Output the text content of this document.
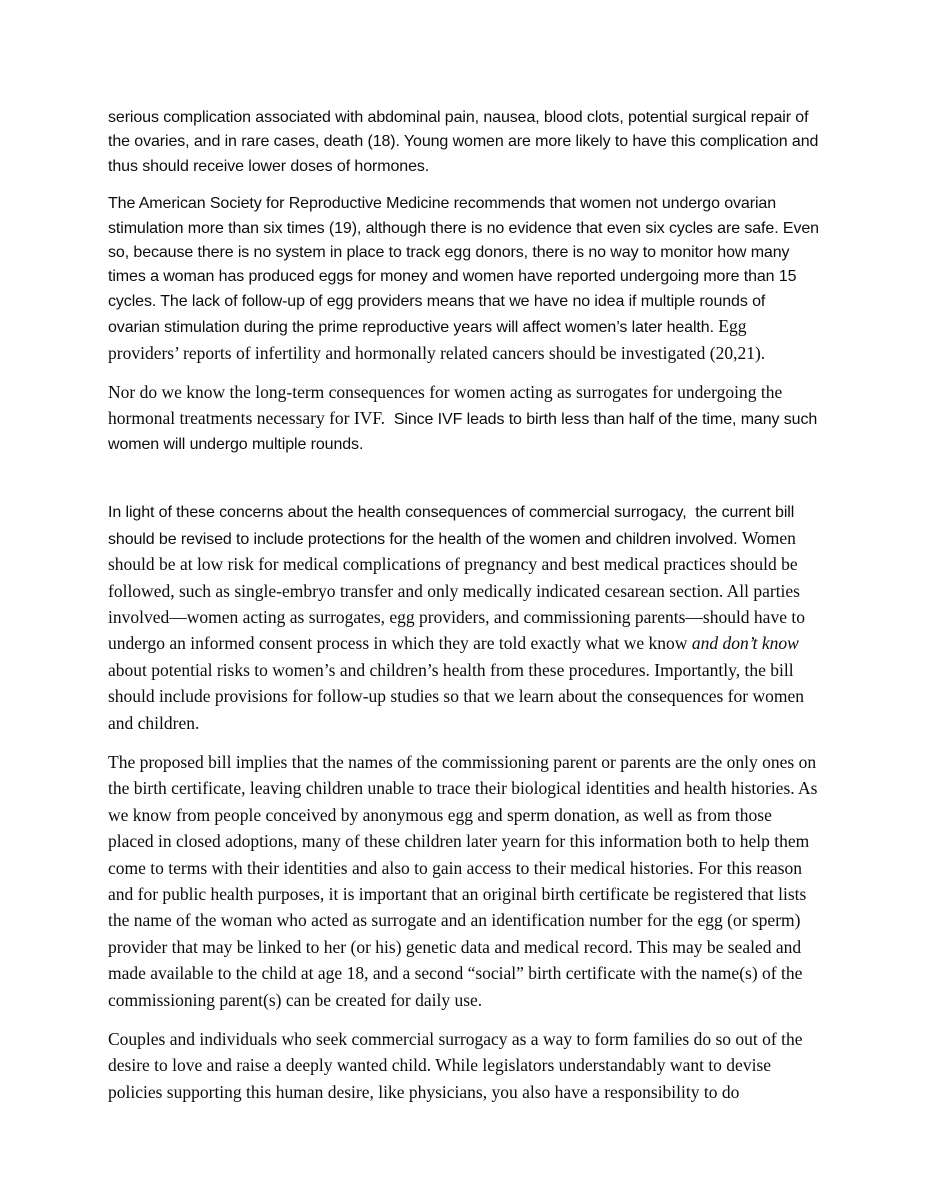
serious complication associated with abdominal pain, nausea, blood clots, potential surgical repair of the ovaries, and in rare cases, death (18). Young women are more likely to have this complication and thus should receive lower doses of hormones.

The American Society for Reproductive Medicine recommends that women not undergo ovarian stimulation more than six times (19), although there is no evidence that even six cycles are safe. Even so, because there is no system in place to track egg donors, there is no way to monitor how many times a woman has produced eggs for money and women have reported undergoing more than 15 cycles. The lack of follow-up of egg providers means that we have no idea if multiple rounds of ovarian stimulation during the prime reproductive years will affect women’s later health. Egg providers’ reports of infertility and hormonally related cancers should be investigated (20,21).

Nor do we know the long-term consequences for women acting as surrogates for undergoing the hormonal treatments necessary for IVF.  Since IVF leads to birth less than half of the time, many such women will undergo multiple rounds.

In light of these concerns about the health consequences of commercial surrogacy,  the current bill should be revised to include protections for the health of the women and children involved. Women should be at low risk for medical complications of pregnancy and best medical practices should be followed, such as single-embryo transfer and only medically indicated cesarean section. All parties involved—women acting as surrogates, egg providers, and commissioning parents—should have to undergo an informed consent process in which they are told exactly what we know and don’t know about potential risks to women’s and children’s health from these procedures. Importantly, the bill should include provisions for follow-up studies so that we learn about the consequences for women and children.

The proposed bill implies that the names of the commissioning parent or parents are the only ones on the birth certificate, leaving children unable to trace their biological identities and health histories. As we know from people conceived by anonymous egg and sperm donation, as well as from those placed in closed adoptions, many of these children later yearn for this information both to help them come to terms with their identities and also to gain access to their medical histories. For this reason and for public health purposes, it is important that an original birth certificate be registered that lists the name of the woman who acted as surrogate and an identification number for the egg (or sperm) provider that may be linked to her (or his) genetic data and medical record. This may be sealed and made available to the child at age 18, and a second “social” birth certificate with the name(s) of the commissioning parent(s) can be created for daily use.

Couples and individuals who seek commercial surrogacy as a way to form families do so out of the desire to love and raise a deeply wanted child. While legislators understandably want to devise policies supporting this human desire, like physicians, you also have a responsibility to do
